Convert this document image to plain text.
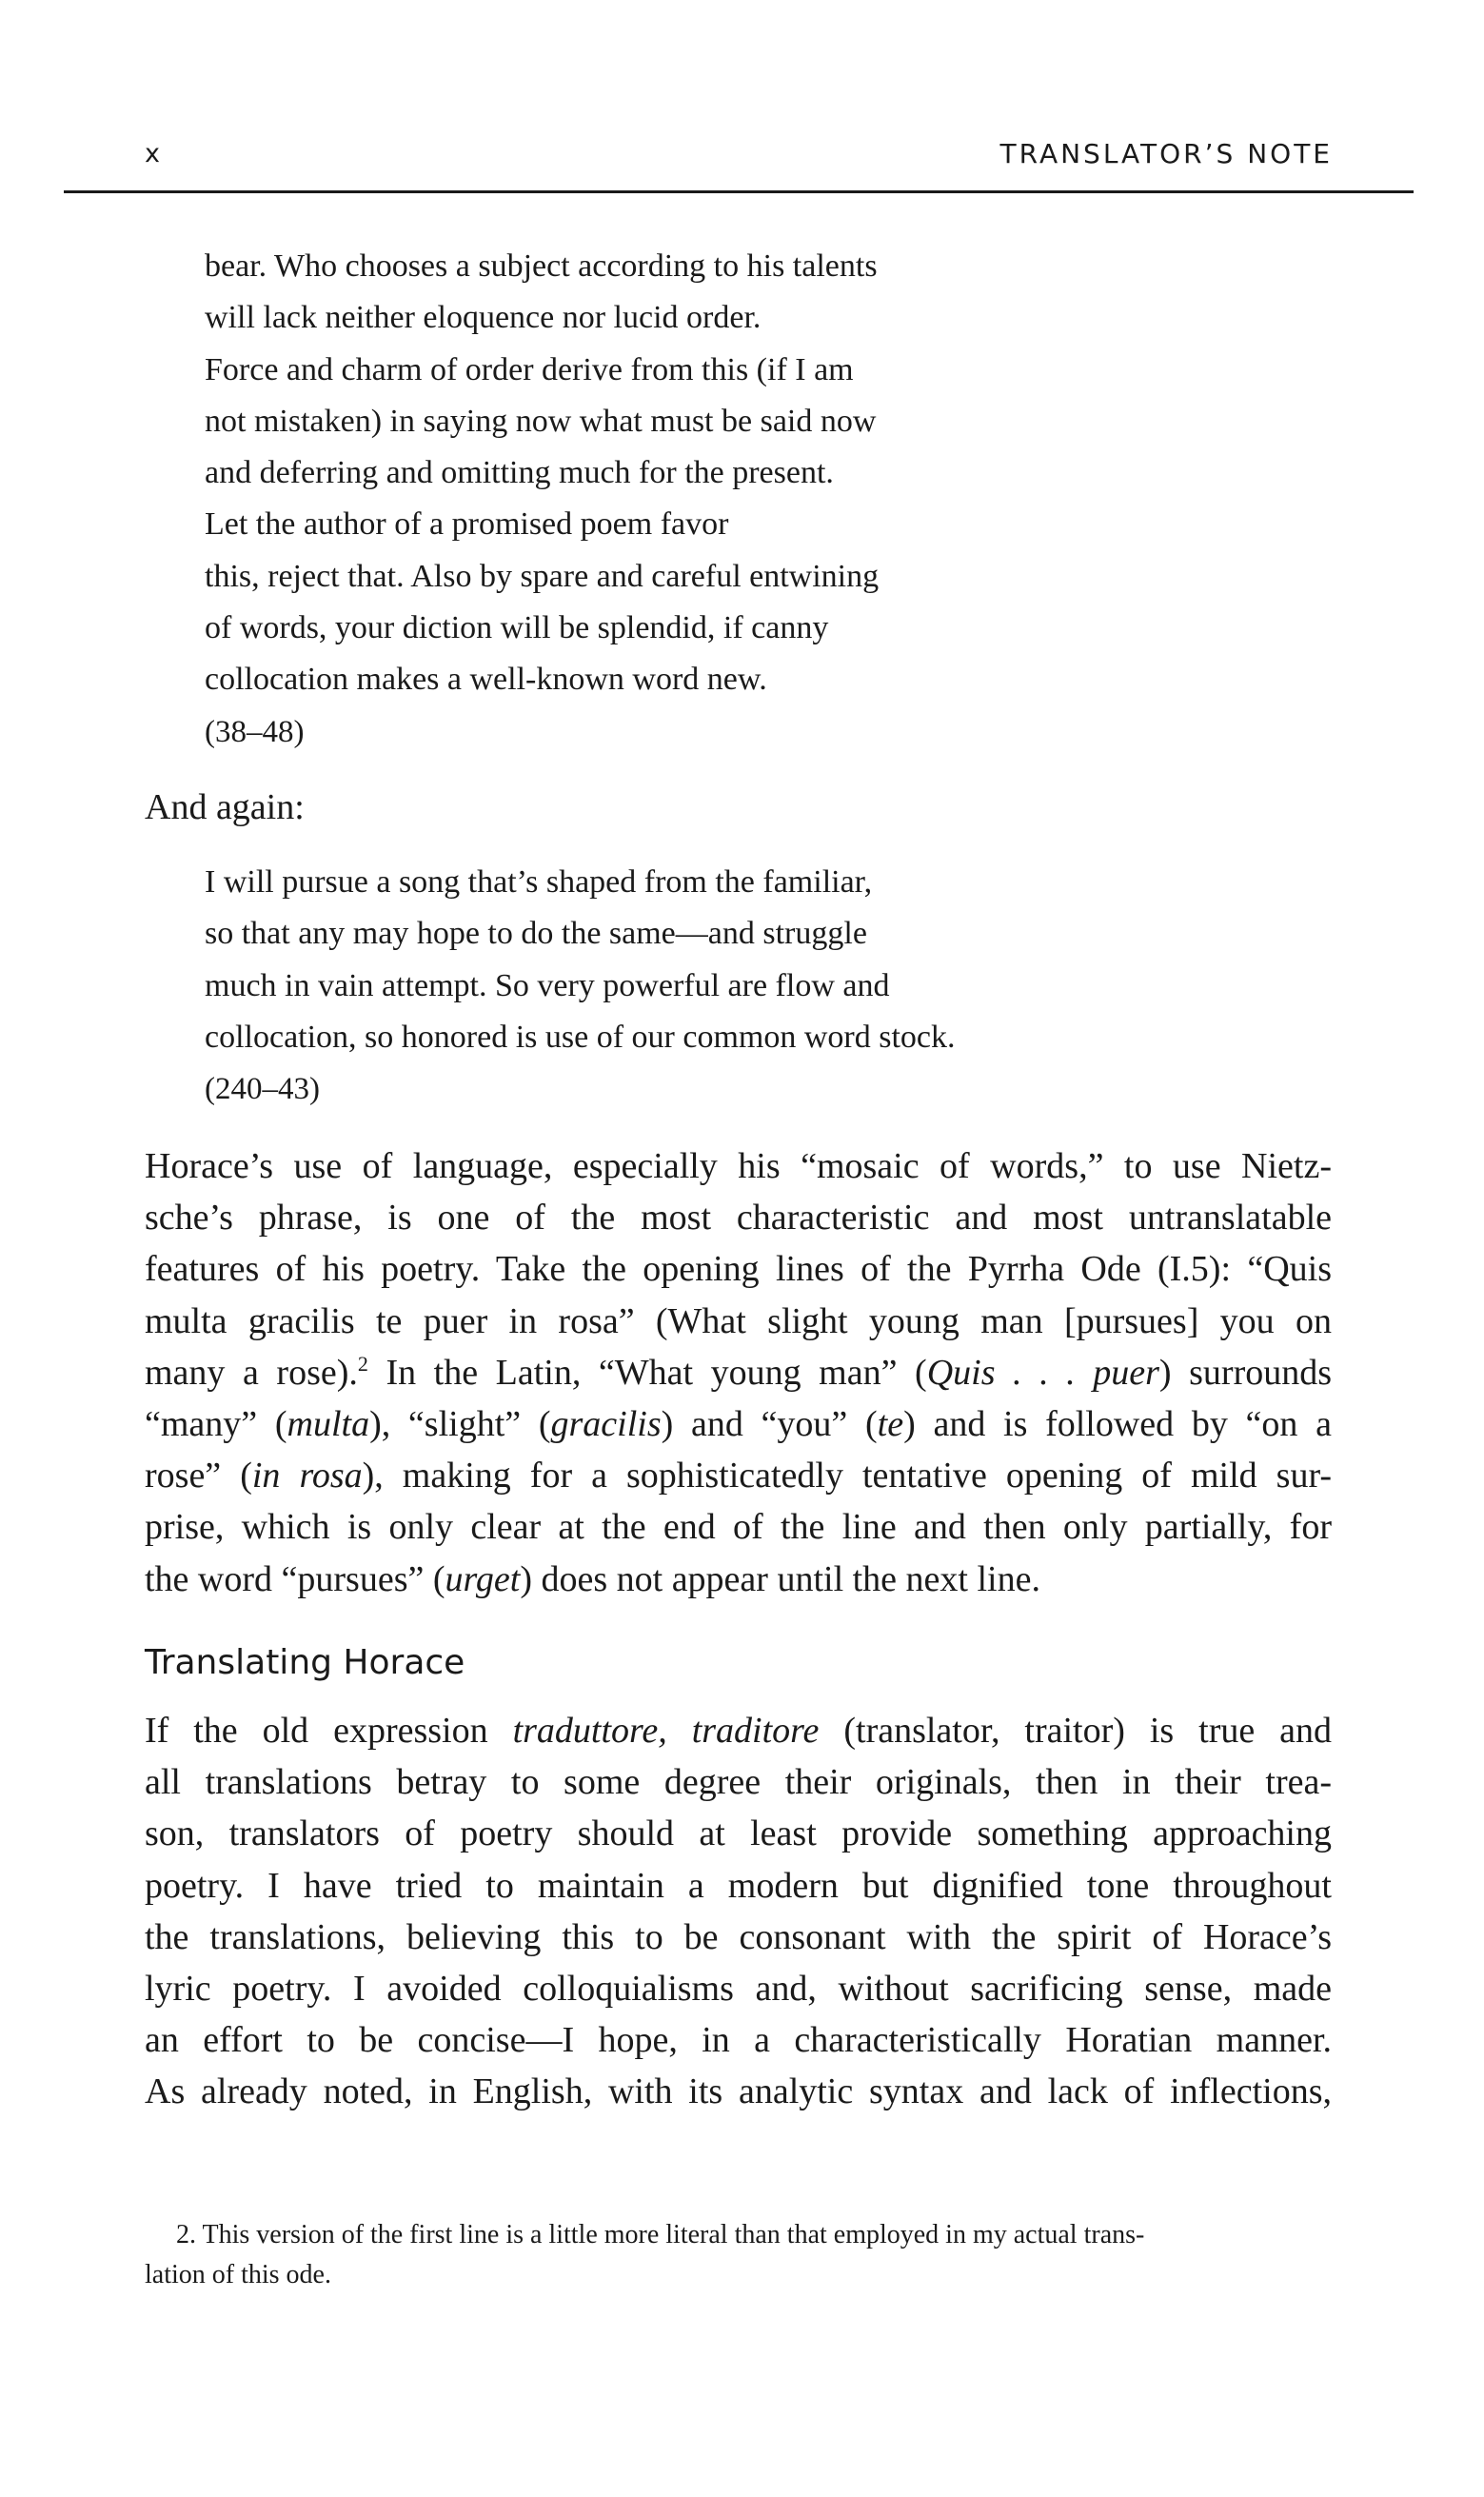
x	TRANSLATOR’S NOTE
bear. Who chooses a subject according to his talents
will lack neither eloquence nor lucid order.
Force and charm of order derive from this (if I am
not mistaken) in saying now what must be said now
and deferring and omitting much for the present.
Let the author of a promised poem favor
this, reject that. Also by spare and careful entwining
of words, your diction will be splendid, if canny
collocation makes a well-known word new.
(38–48)
And again:
I will pursue a song that’s shaped from the familiar,
so that any may hope to do the same—and struggle
much in vain attempt. So very powerful are flow and
collocation, so honored is use of our common word stock.
(240–43)
Horace’s use of language, especially his “mosaic of words,” to use Nietz-
sche’s phrase, is one of the most characteristic and most untranslatable
features of his poetry. Take the opening lines of the Pyrrha Ode (I.5): “Quis
multa gracilis te puer in rosa” (What slight young man [pursues] you on
many a rose).$^2$ In the Latin, “What young man” (Quis . . . puer) surrounds
“many” (multa), “slight” (gracilis) and “you” (te) and is followed by “on a
rose” (in rosa), making for a sophisticatedly tentative opening of mild sur-
prise, which is only clear at the end of the line and then only partially, for
the word “pursues” (urget) does not appear until the next line.
Translating Horace
If the old expression traduttore, traditore (translator, traitor) is true and
all translations betray to some degree their originals, then in their trea-
son, translators of poetry should at least provide something approaching
poetry. I have tried to maintain a modern but dignified tone throughout
the translations, believing this to be consonant with the spirit of Horace’s
lyric poetry. I avoided colloquialisms and, without sacrificing sense, made
an effort to be concise—I hope, in a characteristically Horatian manner.
As already noted, in English, with its analytic syntax and lack of inflections,
2. This version of the first line is a little more literal than that employed in my actual trans-
lation of this ode.
